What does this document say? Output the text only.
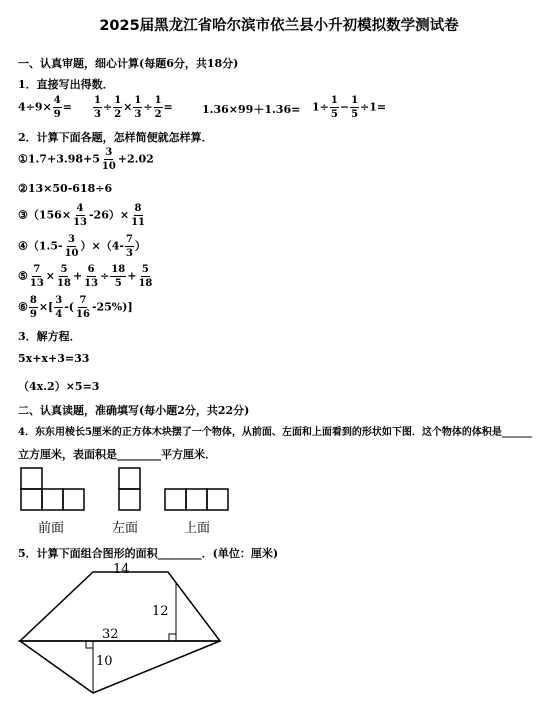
2025届黑龙江省哈尔滨市依兰县小升初模拟数学测试卷
一、认真审题，细心计算(每题6分，共18分)
1．直接写出得数．
$4\div 9\times \frac{4}{9} = \frac{1}{3} \div \frac{1}{2} \times \frac{1}{3} \div \frac{1}{2}$ =	$1.36\times 99+1.36= 1\div \frac{1}{5} - \frac{1}{5} \div 1=$
2．计算下面各题，怎样简便就怎样算．
①1.7+3.98+5 $\frac{3}{10} +2.02$
②13×50-618÷6
③（156× $\frac{4}{13} -26)\times \frac{8}{11}$
④（1.5- $\frac{3}{10} )\times(4- \frac{7}{3}$ ）
⑤ $\frac{7}{13} \times \frac{5}{18} + \frac{6}{13} \div \frac{18}{5} + \frac{5}{18}$
⑥ $\frac{8}{9}$ ×[ $\frac{3}{4}$ -( $\frac{7}{16} -25\%$)]
3．解方程．
5x+x+3=33
（4x.2）×5=3
二、认真读题，准确填写(每小题2分，共22分)
4．东东用棱长5厘米的正方体木块摆了一个物体，从前面、左面和上面看到的形状如下图．这个物体的体积是______
立方厘米，表面积是________平方厘米．
前面	左面	上面
5．计算下面组合图形的面积________．(单位：厘米)
14
12
32
10
